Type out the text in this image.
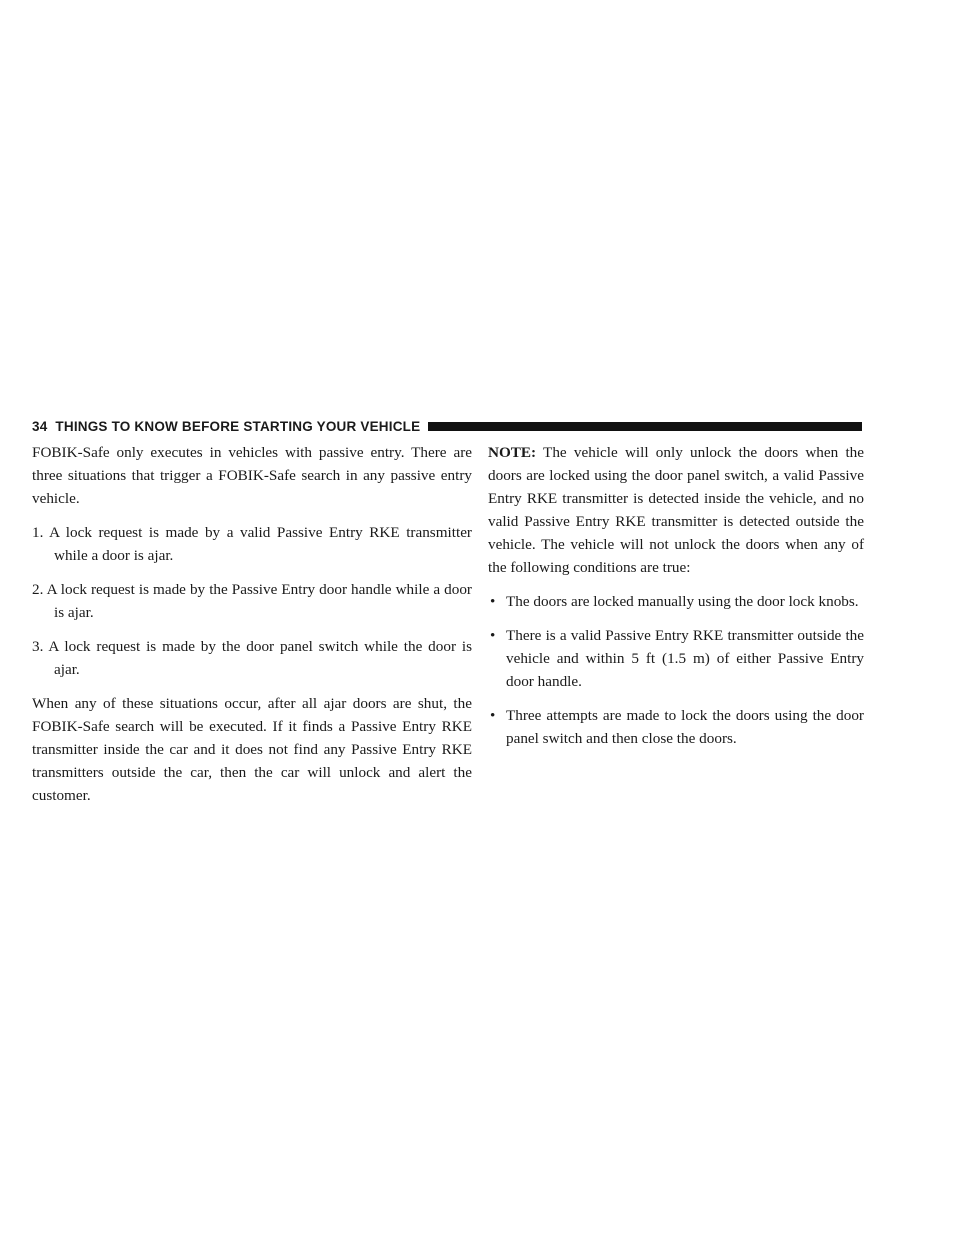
34 THINGS TO KNOW BEFORE STARTING YOUR VEHICLE

FOBIK-Safe only executes in vehicles with passive entry. There are three situations that trigger a FOBIK-Safe search in any passive entry vehicle.

1. A lock request is made by a valid Passive Entry RKE transmitter while a door is ajar.
2. A lock request is made by the Passive Entry door handle while a door is ajar.
3. A lock request is made by the door panel switch while the door is ajar.

When any of these situations occur, after all ajar doors are shut, the FOBIK-Safe search will be executed. If it finds a Passive Entry RKE transmitter inside the car and it does not find any Passive Entry RKE transmitters outside the car, then the car will unlock and alert the customer.

NOTE: The vehicle will only unlock the doors when the doors are locked using the door panel switch, a valid Passive Entry RKE transmitter is detected inside the vehicle, and no valid Passive Entry RKE transmitter is detected outside the vehicle. The vehicle will not unlock the doors when any of the following conditions are true:

• The doors are locked manually using the door lock knobs.
• There is a valid Passive Entry RKE transmitter outside the vehicle and within 5 ft (1.5 m) of either Passive Entry door handle.
• Three attempts are made to lock the doors using the door panel switch and then close the doors.
